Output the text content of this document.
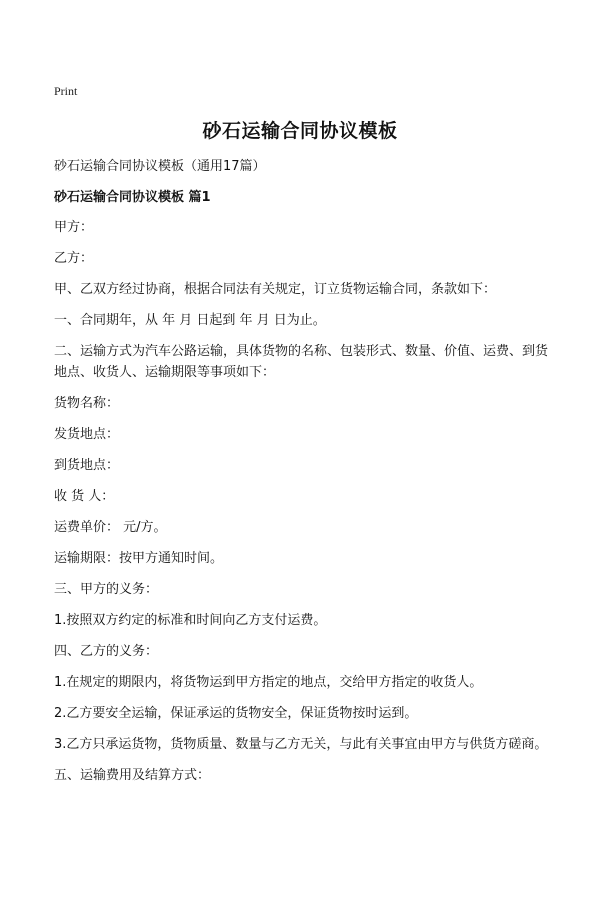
Print
砂石运输合同协议模板
砂石运输合同协议模板（通用17篇）
砂石运输合同协议模板 篇1
甲方：
乙方：
甲、乙双方经过协商，根据合同法有关规定，订立货物运输合同，条款如下：
一、合同期年，从 年 月 日起到 年 月 日为止。
二、运输方式为汽车公路运输，具体货物的名称、包装形式、数量、价值、运费、到货地点、收货人、运输期限等事项如下：
货物名称：
发货地点：
到货地点：
收 货 人：
运费单价： 元/方。
运输期限：按甲方通知时间。
三、甲方的义务：
1.按照双方约定的标准和时间向乙方支付运费。
四、乙方的义务：
1.在规定的期限内，将货物运到甲方指定的地点，交给甲方指定的收货人。
2.乙方要安全运输，保证承运的货物安全，保证货物按时运到。
3.乙方只承运货物，货物质量、数量与乙方无关，与此有关事宜由甲方与供货方磋商。
五、运输费用及结算方式：
